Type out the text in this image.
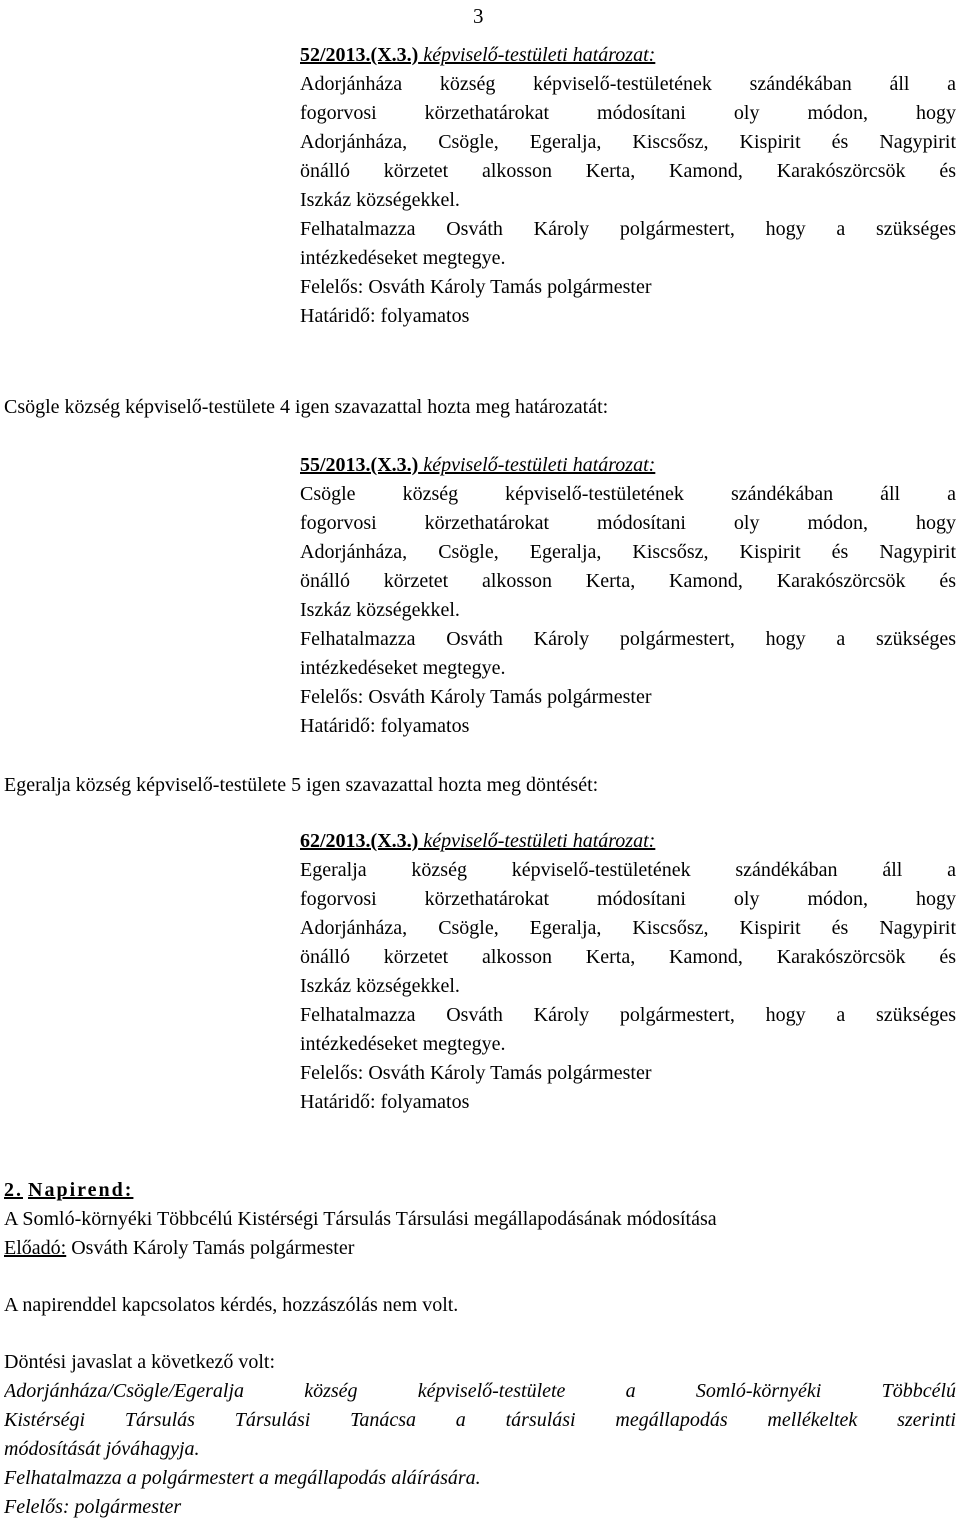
3
52/2013.(X.3.) képviselő-testületi határozat:
Adorjánháza község képviselő-testületének szándékában áll a
fogorvosi körzethatárokat módosítani oly módon, hogy
Adorjánháza, Csögle, Egeralja, Kiscsősz, Kispirit és Nagypirit
önálló körzetet alkosson Kerta, Kamond, Karakószörcsök és
Iszkáz községekkel.
Felhatalmazza Osváth Károly polgármestert, hogy a szükséges
intézkedéseket megtegye.
Felelős: Osváth Károly Tamás polgármester
Határidő: folyamatos
Csögle község képviselő-testülete 4 igen szavazattal hozta meg határozatát:
55/2013.(X.3.) képviselő-testületi határozat:
Csögle község képviselő-testületének szándékában áll a
fogorvosi körzethatárokat módosítani oly módon, hogy
Adorjánháza, Csögle, Egeralja, Kiscsősz, Kispirit és Nagypirit
önálló körzetet alkosson Kerta, Kamond, Karakószörcsök és
Iszkáz községekkel.
Felhatalmazza Osváth Károly polgármestert, hogy a szükséges
intézkedéseket megtegye.
Felelős: Osváth Károly Tamás polgármester
Határidő: folyamatos
Egeralja község képviselő-testülete 5 igen szavazattal hozta meg döntését:
62/2013.(X.3.) képviselő-testületi határozat:
Egeralja község képviselő-testületének szándékában áll a
fogorvosi körzethatárokat módosítani oly módon, hogy
Adorjánháza, Csögle, Egeralja, Kiscsősz, Kispirit és Nagypirit
önálló körzetet alkosson Kerta, Kamond, Karakószörcsök és
Iszkáz községekkel.
Felhatalmazza Osváth Károly polgármestert, hogy a szükséges
intézkedéseket megtegye.
Felelős: Osváth Károly Tamás polgármester
Határidő: folyamatos
2. Napirend:
A Somló-környéki Többcélú Kistérségi Társulás Társulási megállapodásának módosítása
Előadó: Osváth Károly Tamás polgármester
A napirenddel kapcsolatos kérdés, hozzászólás nem volt.
Döntési javaslat a következő volt:
Adorjánháza/Csögle/Egeralja község képviselő-testülete a Somló-környéki Többcélú
Kistérségi Társulás Társulási Tanácsa a társulási megállapodás mellékeltek szerinti
módosítását jóváhagyja.
Felhatalmazza a polgármestert a megállapodás aláírására.
Felelős: polgármester
